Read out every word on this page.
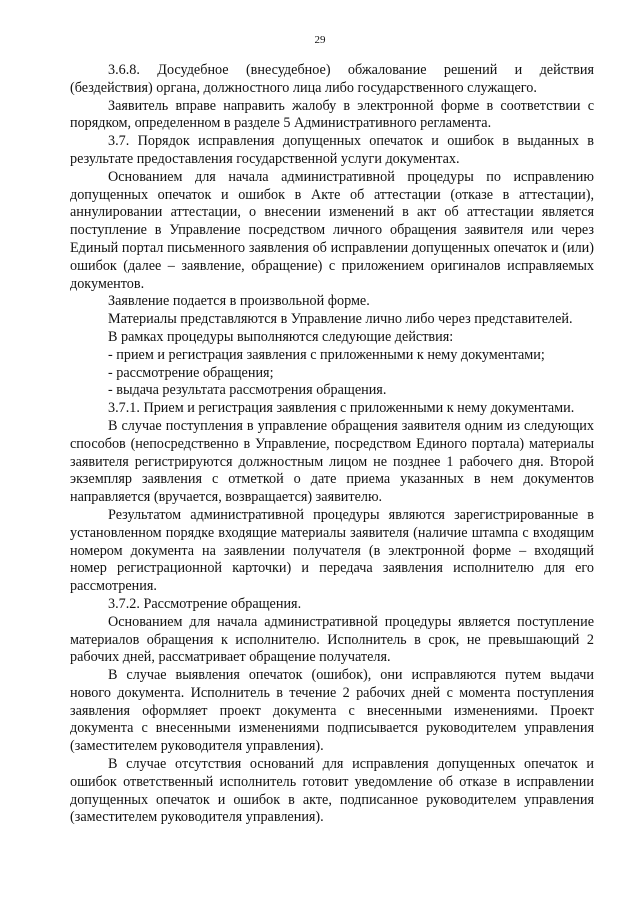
29

3.6.8. Досудебное (внесудебное) обжалование решений и действия (бездействия) органа, должностного лица либо государственного служащего.

Заявитель вправе направить жалобу в электронной форме в соответствии с порядком, определенном в разделе 5 Административного регламента.

3.7. Порядок исправления допущенных опечаток и ошибок в выданных в результате предоставления государственной услуги документах.

Основанием для начала административной процедуры по исправлению допущенных опечаток и ошибок в Акте об аттестации (отказе в аттестации), аннулировании аттестации, о внесении изменений в акт об аттестации является поступление в Управление посредством личного обращения заявителя или через Единый портал письменного заявления об исправлении допущенных опечаток и (или) ошибок (далее – заявление, обращение) с приложением оригиналов исправляемых документов.

Заявление подается в произвольной форме.

Материалы представляются в Управление лично либо через представителей.

В рамках процедуры выполняются следующие действия:

- прием и регистрация заявления с приложенными к нему документами;

- рассмотрение обращения;

- выдача результата рассмотрения обращения.

3.7.1. Прием и регистрация заявления с приложенными к нему документами.

В случае поступления в управление обращения заявителя одним из следующих способов (непосредственно в Управление, посредством Единого портала) материалы заявителя регистрируются должностным лицом не позднее 1 рабочего дня. Второй экземпляр заявления с отметкой о дате приема указанных в нем документов направляется (вручается, возвращается) заявителю.

Результатом административной процедуры являются зарегистрированные в установленном порядке входящие материалы заявителя (наличие штампа с входящим номером документа на заявлении получателя (в электронной форме – входящий номер регистрационной карточки) и передача заявления исполнителю для его рассмотрения.

3.7.2. Рассмотрение обращения.

Основанием для начала административной процедуры является поступление материалов обращения к исполнителю. Исполнитель в срок, не превышающий 2 рабочих дней, рассматривает обращение получателя.

В случае выявления опечаток (ошибок), они исправляются путем выдачи нового документа. Исполнитель в течение 2 рабочих дней с момента поступления заявления оформляет проект документа с внесенными изменениями. Проект документа с внесенными изменениями подписывается руководителем управления (заместителем руководителя управления).

В случае отсутствия оснований для исправления допущенных опечаток и ошибок ответственный исполнитель готовит уведомление об отказе в исправлении допущенных опечаток и ошибок в акте, подписанное руководителем управления (заместителем руководителя управления).
